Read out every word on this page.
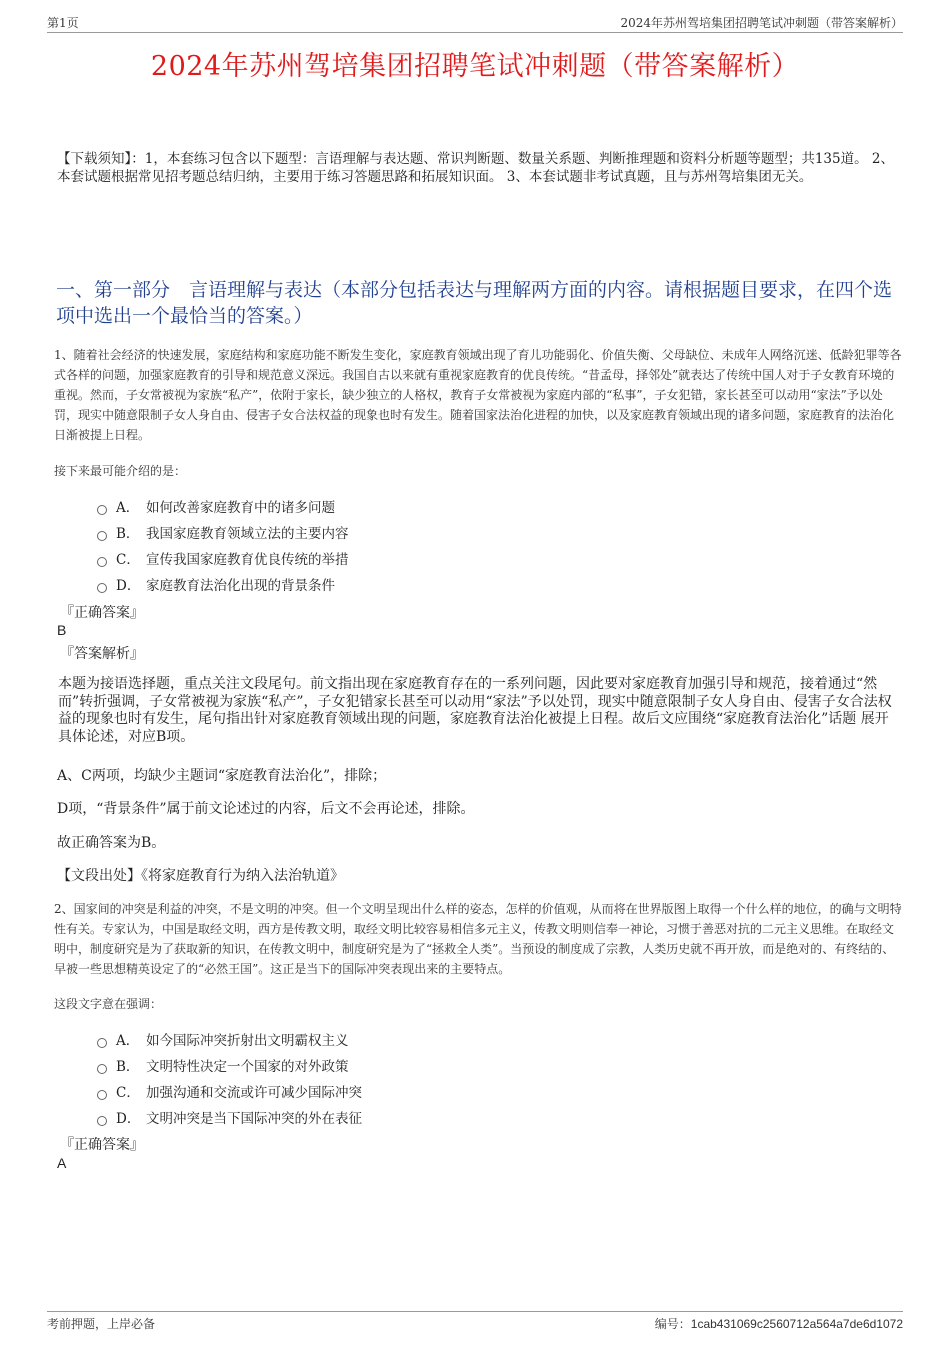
第1页	2024年苏州驾培集团招聘笔试冲刺题（带答案解析）
2024年苏州驾培集团招聘笔试冲刺题（带答案解析）
【下载须知】：1，本套练习包含以下题型：言语理解与表达题、常识判断题、数量关系题、判断推理题和资料分析题等题型；共135道。 2、本套试题根据常见招考题总结归纳，主要用于练习答题思路和拓展知识面。 3、本套试题非考试真题，且与苏州驾培集团无关。
一、第一部分　言语理解与表达（本部分包括表达与理解两方面的内容。请根据题目要求，在四个选项中选出一个最恰当的答案。）
1、随着社会经济的快速发展，家庭结构和家庭功能不断发生变化，家庭教育领域出现了育儿功能弱化、价值失衡、父母缺位、未成年人网络沉迷、低龄犯罪等各式各样的问题，加强家庭教育的引导和规范意义深远。我国自古以来就有重视家庭教育的优良传统。“昔孟母，择邻处”就表达了传统中国人对于子女教育环境的重视。然而，子女常被视为家族“私产”，依附于家长，缺少独立的人格权，教育子女常被视为家庭内部的“私事”，子女犯错，家长甚至可以动用“家法”予以处罚，现实中随意限制子女人身自由、侵害子女合法权益的现象也时有发生。随着国家法治化进程的加快，以及家庭教育领域出现的诸多问题，家庭教育的法治化日渐被提上日程。
接下来最可能介绍的是：
A． 如何改善家庭教育中的诸多问题
B． 我国家庭教育领域立法的主要内容
C． 宣传我国家庭教育优良传统的举措
D． 家庭教育法治化出现的背景条件
『正确答案』
B
『答案解析』
本题为接语选择题，重点关注文段尾句。前文指出现在家庭教育存在的一系列问题，因此要对家庭教育加强引导和规范，接着通过“然而”转折强调，子女常被视为家族“私产”，子女犯错家长甚至可以动用“家法”予以处罚，现实中随意限制子女人身自由、侵害子女合法权益的现象也时有发生，尾句指出针对家庭教育领域出现的问题，家庭教育法治化被提上日程。故后文应围绕“家庭教育法治化”话题 展开 具体论述，对应B项。
A、C两项，均缺少主题词“家庭教育法治化”，排除；
D项，“背景条件”属于前文论述过的内容，后文不会再论述，排除。
故正确答案为B。
【文段出处】《将家庭教育行为纳入法治轨道》
2、国家间的冲突是利益的冲突，不是文明的冲突。但一个文明呈现出什么样的姿态，怎样的价值观，从而将在世界版图上取得一个什么样的地位，的确与文明特性有关。专家认为，中国是取经文明，西方是传教文明，取经文明比较容易相信多元主义，传教文明则信奉一神论，习惯于善恶对抗的二元主义思维。在取经文明中，制度研究是为了获取新的知识，在传教文明中，制度研究是为了“拯救全人类”。当预设的制度成了宗教，人类历史就不再开放，而是绝对的、有终结的、早被一些思想精英设定了的“必然王国”。这正是当下的国际冲突表现出来的主要特点。
这段文字意在强调：
A． 如今国际冲突折射出文明霸权主义
B． 文明特性决定一个国家的对外政策
C． 加强沟通和交流或许可减少国际冲突
D． 文明冲突是当下国际冲突的外在表征
『正确答案』
A
考前押题，上岸必备	编号：1cab431069c2560712a564a7de6d1072
